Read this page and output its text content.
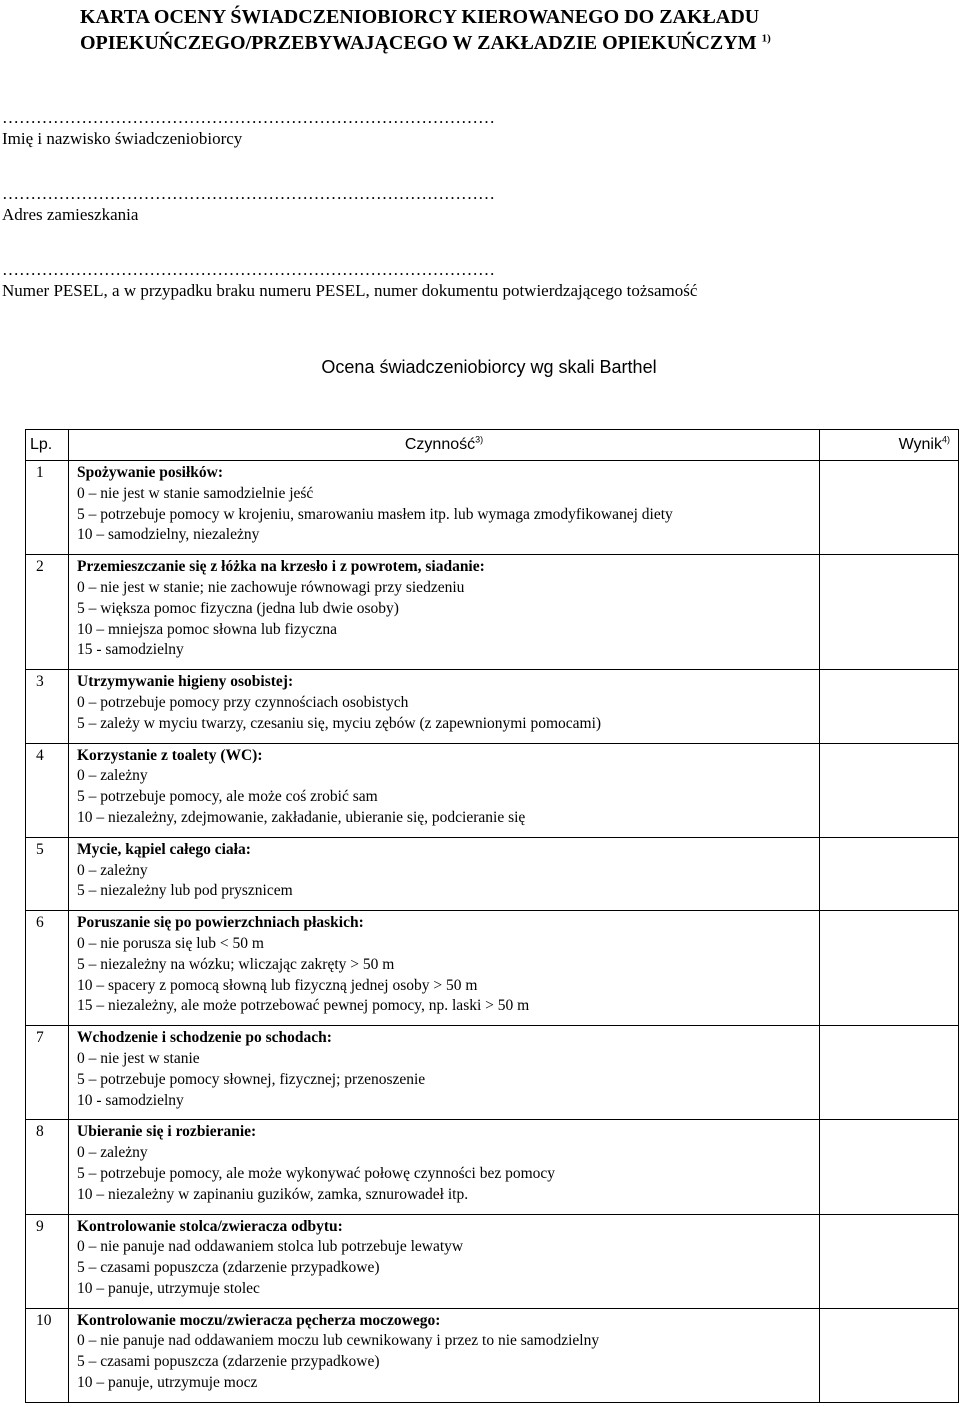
KARTA OCENY ŚWIADCZENIOBIORCY KIEROWANEGO DO ZAKŁADU
OPIEKUŃCZEGO/PRZEBYWAJĄCEGO W ZAKŁADZIE OPIEKUŃCZYM $^{1)}$
……………………………………………………………………………
Imię i nazwisko świadczeniobiorcy
……………………………………………………………………………
Adres zamieszkania
……………………………………………………………………………
Numer PESEL, a w przypadku braku numeru PESEL, numer dokumentu potwierdzającego tożsamość
Ocena świadczeniobiorcy wg skali Barthel
Lp.	Czynność$^{3)}$	Wynik$^{4)}$
1	Spożywanie posiłków:
0 – nie jest w stanie samodzielnie jeść
5 – potrzebuje pomocy w krojeniu, smarowaniu masłem itp. lub wymaga zmodyfikowanej diety
10 – samodzielny, niezależny	

2	Przemieszczanie się z łóżka na krzesło i z powrotem, siadanie:
0 – nie jest w stanie; nie zachowuje równowagi przy siedzeniu
5 – większa pomoc fizyczna (jedna lub dwie osoby)
10 – mniejsza pomoc słowna lub fizyczna
15 - samodzielny	

3	Utrzymywanie higieny osobistej:
0 – potrzebuje pomocy przy czynnościach osobistych
5 – zależy w myciu twarzy, czesaniu się, myciu zębów (z zapewnionymi pomocami)	

4	Korzystanie z toalety (WC):
0 – zależny
5 – potrzebuje pomocy, ale może coś zrobić sam
10 – niezależny, zdejmowanie, zakładanie, ubieranie się, podcieranie się	

5	Mycie, kąpiel całego ciała:
0 – zależny
5 – niezależny lub pod prysznicem	

6	Poruszanie się po powierzchniach płaskich:
0 – nie porusza się lub < 50 m
5 – niezależny na wózku; wliczając zakręty > 50 m
10 – spacery z pomocą słowną lub fizyczną jednej osoby > 50 m
15 – niezależny, ale może potrzebować pewnej pomocy, np. laski > 50 m	

7	Wchodzenie i schodzenie po schodach:
0 – nie jest w stanie
5 – potrzebuje pomocy słownej, fizycznej; przenoszenie
10 - samodzielny	

8	Ubieranie się i rozbieranie:
0 – zależny
5 – potrzebuje pomocy, ale może wykonywać połowę czynności bez pomocy
10 – niezależny w zapinaniu guzików, zamka, sznurowadeł itp.	

9	Kontrolowanie stolca/zwieracza odbytu:
0 – nie panuje nad oddawaniem stolca lub potrzebuje lewatyw
5 – czasami popuszcza (zdarzenie przypadkowe)
10 – panuje, utrzymuje stolec	

10	Kontrolowanie moczu/zwieracza pęcherza moczowego:
0 – nie panuje nad oddawaniem moczu lub cewnikowany i przez to nie samodzielny
5 – czasami popuszcza (zdarzenie przypadkowe)
10 – panuje, utrzymuje mocz	
